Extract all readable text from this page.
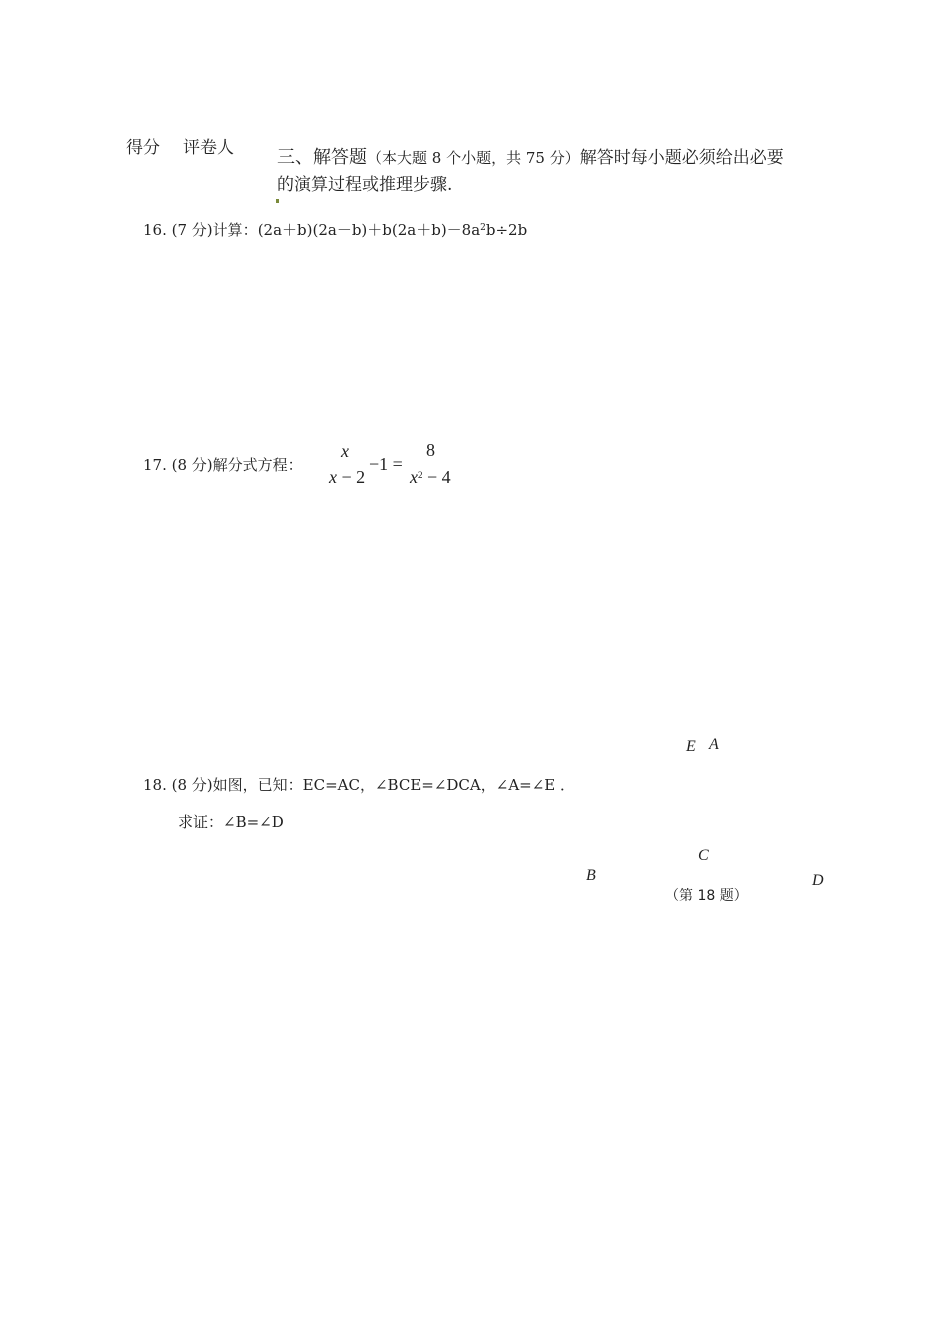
得分 评卷人 三、解答题（本大题 8 个小题，共 75 分）解答时每小题必须给出必要
的演算过程或推理步骤.
16. (7 分)计算：$(2a+b)(2a-b)+b(2a+b)-8a^2b\div 2b$
17. (8 分)解分式方程：
x
x − 2
−1 =
8
$x^2 - 4$
18. (8 分)如图，已知：EC=AC，∠BCE=∠DCA，∠A=∠E ．
求证：∠B=∠D
E A
C
B	D
（第 18 题）
